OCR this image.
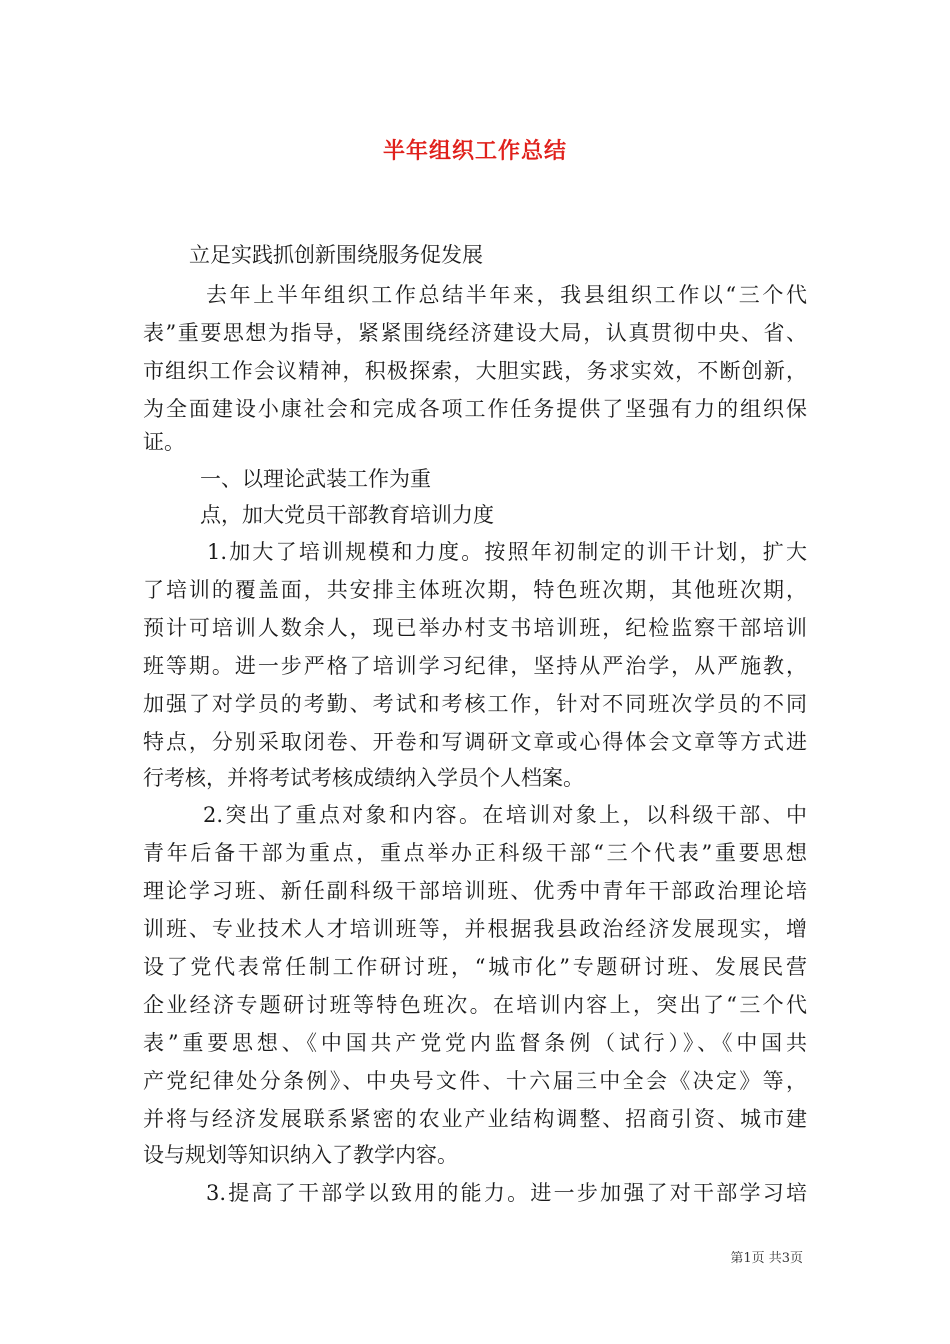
半年组织工作总结
立足实践抓创新围绕服务促发展
去年上半年组织工作总结半年来，我县组织工作以“三个代
表”重要思想为指导，紧紧围绕经济建设大局，认真贯彻中央、省、
市组织工作会议精神，积极探索，大胆实践，务求实效，不断创新，
为全面建设小康社会和完成各项工作任务提供了坚强有力的组织保
证。
一、以理论武装工作为重
点，加大党员干部教育培训力度
1.加大了培训规模和力度。按照年初制定的训干计划，扩大
了培训的覆盖面，共安排主体班次期，特色班次期，其他班次期，
预计可培训人数余人，现已举办村支书培训班，纪检监察干部培训
班等期。进一步严格了培训学习纪律，坚持从严治学，从严施教，
加强了对学员的考勤、考试和考核工作，针对不同班次学员的不同
特点，分别采取闭卷、开卷和写调研文章或心得体会文章等方式进
行考核，并将考试考核成绩纳入学员个人档案。
2.突出了重点对象和内容。在培训对象上，以科级干部、中
青年后备干部为重点，重点举办正科级干部“三个代表”重要思想
理论学习班、新任副科级干部培训班、优秀中青年干部政治理论培
训班、专业技术人才培训班等，并根据我县政治经济发展现实，增
设了党代表常任制工作研讨班，“城市化”专题研讨班、发展民营
企业经济专题研讨班等特色班次。在培训内容上，突出了“三个代
表”重要思想、《中国共产党党内监督条例（试行）》、《中国共
产党纪律处分条例》、中央号文件、十六届三中全会《决定》等，
并将与经济发展联系紧密的农业产业结构调整、招商引资、城市建
设与规划等知识纳入了教学内容。
3.提高了干部学以致用的能力。进一步加强了对干部学习培
第1页 共3页
